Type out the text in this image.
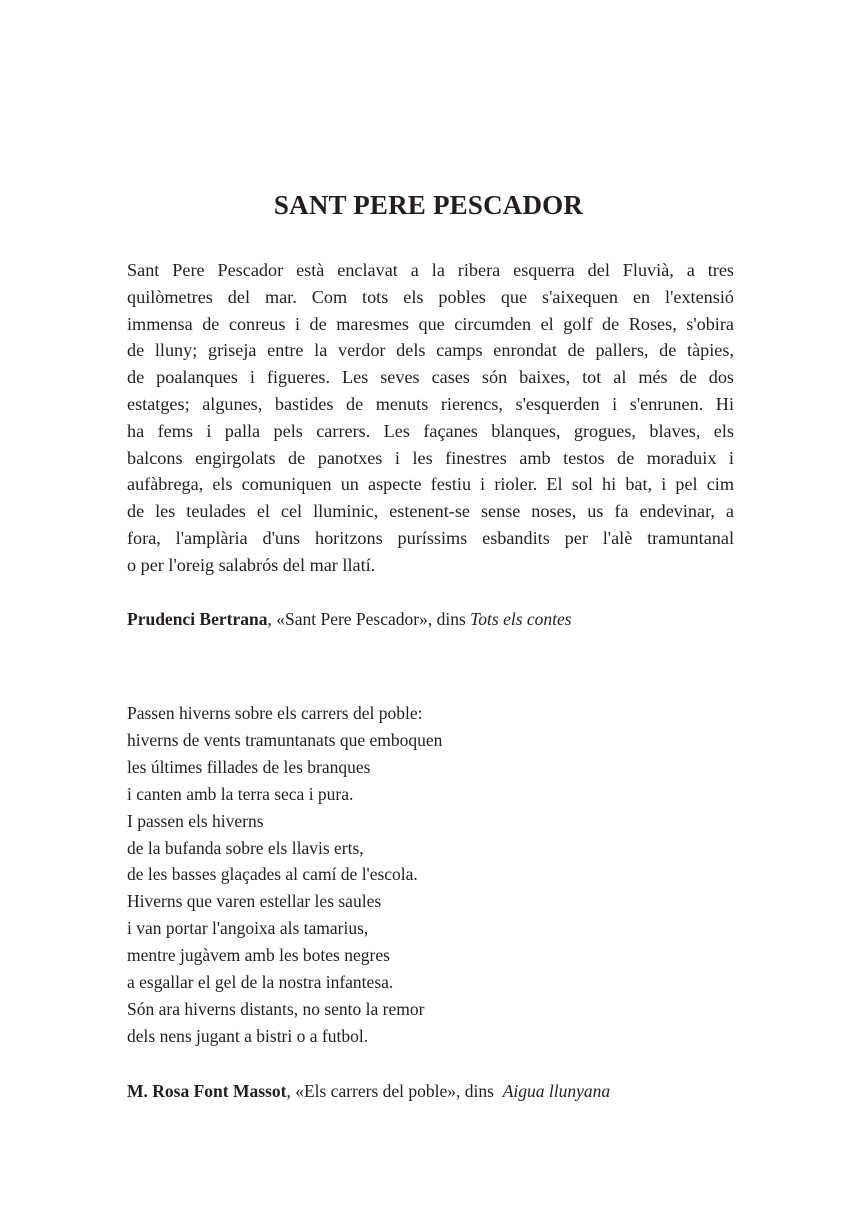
SANT PERE PESCADOR

Sant Pere Pescador està enclavat a la ribera esquerra del Fluvià, a tres
quilòmetres del mar. Com tots els pobles que s'aixequen en l'extensió
immensa de conreus i de maresmes que circumden el golf de Roses, s'obira
de lluny; griseja entre la verdor dels camps enrondat de pallers, de tàpies,
de poalanques i figueres. Les seves cases són baixes, tot al més de dos
estatges; algunes, bastides de menuts rierencs, s'esquerden i s'enrunen. Hi
ha fems i palla pels carrers. Les façanes blanques, grogues, blaves, els
balcons engirgolats de panotxes i les finestres amb testos de moraduix i
aufàbrega, els comuniquen un aspecte festiu i rioler. El sol hi bat, i pel cim
de les teulades el cel lluminic, estenent-se sense noses, us fa endevinar, a
fora, l'amplària d'uns horitzons puríssims esbandits per l'alè tramuntanal
o per l'oreig salabrós del mar llatí.

Prudenci Bertrana, «Sant Pere Pescador», dins Tots els contes

Passen hiverns sobre els carrers del poble:
hiverns de vents tramuntanats que emboquen
les últimes fillades de les branques
i canten amb la terra seca i pura.
I passen els hiverns
de la bufanda sobre els llavis erts,
de les basses glaçades al camí de l'escola.
Hiverns que varen estellar les saules
i van portar l'angoixa als tamarius,
mentre jugàvem amb les botes negres
a esgallar el gel de la nostra infantesa.
Són ara hiverns distants, no sento la remor
dels nens jugant a bistri o a futbol.

M. Rosa Font Massot, «Els carrers del poble», dins  Aigua llunyana
